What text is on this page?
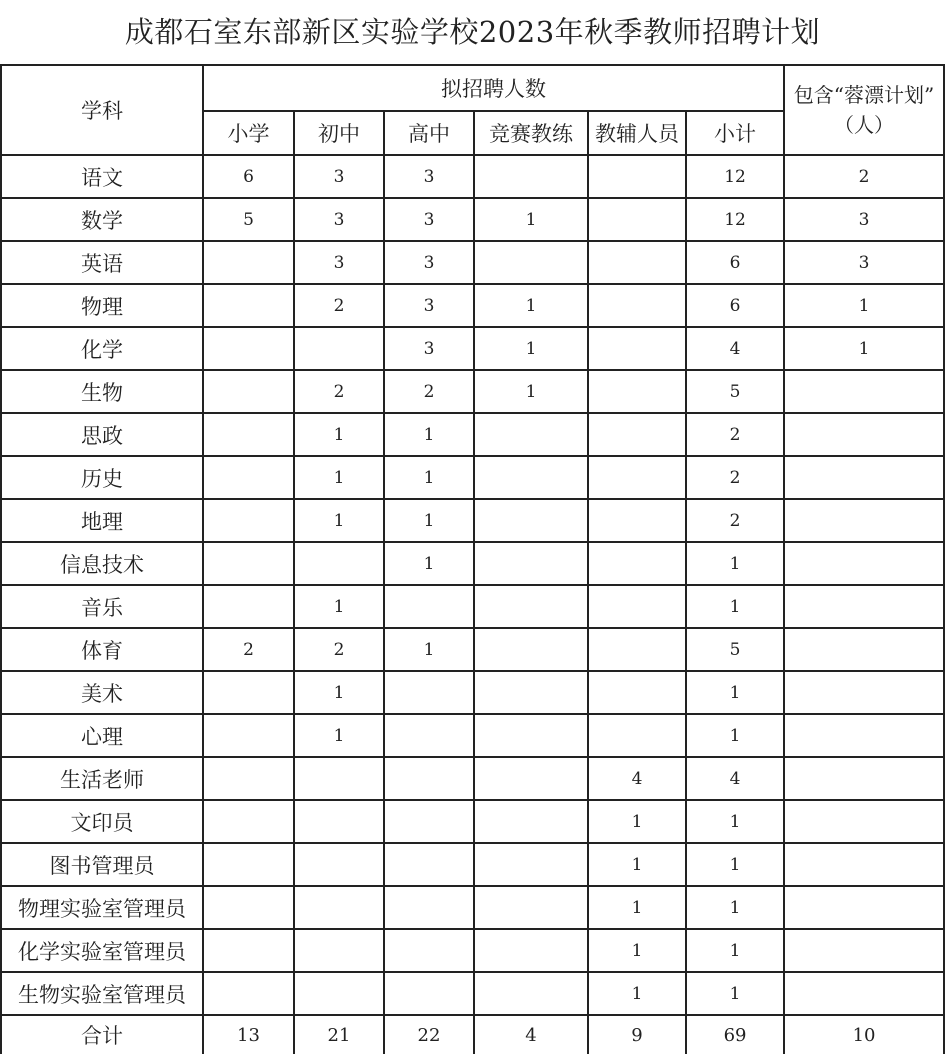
成都石室东部新区实验学校2023年秋季教师招聘计划
学科	拟招聘人数						包含“蓉漂计划”
（人）

	小学	初中	高中	竞赛教练	教辅人员	小计	
语文	6	3	3			12	2
数学	5	3	3	1		12	3
英语		3	3			6	3
物理		2	3	1		6	1
化学			3	1		4	1
生物		2	2	1		5	
思政		1	1			2	
历史		1	1			2	
地理		1	1			2	
信息技术			1			1	
音乐		1				1	
体育	2	2	1			5	
美术		1				1	
心理		1				1	
生活老师					4	4	
文印员					1	1	
图书管理员					1	1	
物理实验室管理员					1	1	
化学实验室管理员					1	1	
生物实验室管理员					1	1	
合计	13	21	22	4	9	69	10
